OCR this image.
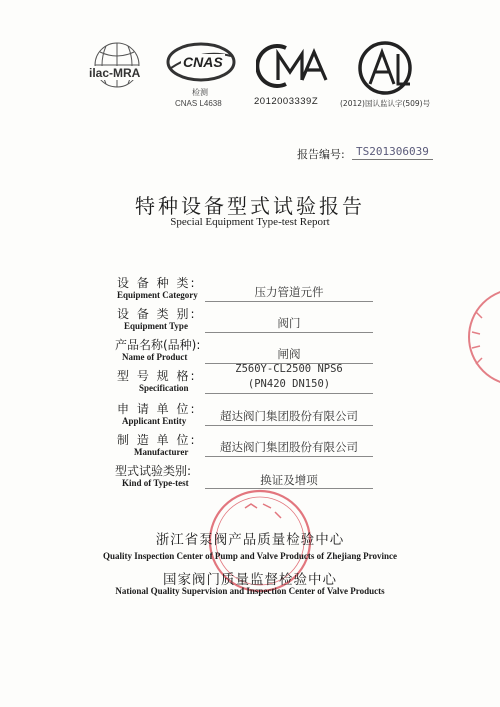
ilac-MRA
CNAS
检测
CNAS L4638	2012003339Z	(2012)国认监认字(509)号
报告编号:	TS201306039
特种设备型式试验报告
Special Equipment Type-test Report
设 备 种 类:
Equipment Category	压力管道元件
设 备 类 别:
Equipment Type	阀门
产品名称(品种):
Name of Product	闸阀
型 号 规 格:
Specification
Z560Y-CL2500 NPS6
(PN420 DN150)
申 请 单 位:
Applicant Entity	超达阀门集团股份有限公司
制 造 单 位:
Manufacturer	超达阀门集团股份有限公司
型式试验类别:
Kind of Type-test	换证及增项
浙江省泵阀产品质量检验中心
Quality Inspection Center of Pump and Valve Products of Zhejiang Province
国家阀门质量监督检验中心
National Quality Supervision and Inspection Center of Valve Products
